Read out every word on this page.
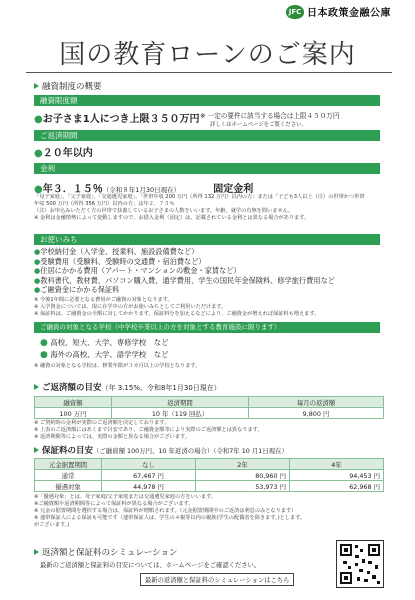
JFC 日本政策金融公庫
国の教育ローンのご案内
融資制度の概要
融資限度額
●お子さま1人につき上限３５０万円 ※ 一定の要件に該当する場合は上限４５０万円
詳しくはホームページをご覧ください。
ご返済期間
●２０年以内
金利
●年３．１５％（令和８年1月30日現在）	固定金利
「母子家庭」、「父子家庭」、「交通遺児家庭」、「世帯年収 200 万円（所得 132 万円）以内の方」または「子ども3人以上（注）の世帯かつ世帯
年収 500 万円（所得 356 万円）以内の方」は年２．７５％
（注）お申込みいただく方の世帯で扶養しているお子さまの人数をいいます。年齢、就学の有無を問いません。
※ 金利は金融情勢によって変動しますので、お借入金利（固定）は、記載されている金利とは異なる場合があります。
お使いみち
●学校納付金（入学金、授業料、施設設備費など）
●受験費用（受験料、受験時の交通費・宿泊費など）
●住居にかかる費用（アパート・マンションの敷金・家賃など）
●教科書代、教材費、パソコン購入費、通学費用、学生の国民年金保険料、修学旅行費用など
●ご融資金にかかる保証料
※ 今後1年間に必要となる費用がご融資の対象となります。
※ 入学資金については、現に在学中の方がお使いみちとしてご利用いただけます。
※ 保証料は、ご融資金の全額に対してかかります。保証料分を加えるなどにより、ご融資金が増えれば保証料も増えます。
ご融資の対象となる学校（中学校卒業以上の方を対象とする教育施設に限ります）
● 高校、短大、大学、専修学校　など
● 海外の高校、大学、語学学校　など
※ 融資の対象となる学校は、修業年限が３カ月以上の学校となります。
ご返済額の目安（年 3.15%、令和8年1月30日現在）
融資額	返済期間	毎月の返済額
100 万円	10 年（119 回払）	9,800 円
※ ご契約時の金利が実際のご返済額を決定しております。
※ 上表のご返済額にはあくまで目安であり、ご融資金額等により実際のご返済額とは異なります。
※ 返済期間等によっては、実際の金額と異なる場合がございます。
保証料の目安（ご融資額 100万円、10 年返済の場合）（令和7年 10 月1日現在）
元金据置期間	なし	2年	4年
通常	67,467 円	80,960 円	94,453 円
優遇対象	44,978 円	53,973 円	62,968 円
※「優遇対象」とは、母子家庭/父子家庭または交通遺児家庭の方をいいます。
※ご融資額や返済期間等によって保証料が異なる場合がございます。
※ 元金の据置期間を選択する場合は、保証料が増額されます。（元金据置期間中のご返済は利息のみとなります）
※ 連帯保証人による保証も可能です（連帯保証人は、学生の４親等以内の親族(学生の配偶者を除きます。)とします。
がございます。)
返済額と保証料のシミュレーション
最新のご返済額と保証料の目安については、ホームページをご確認ください。
最新の返済額と保証料のシミュレーションはこちら
